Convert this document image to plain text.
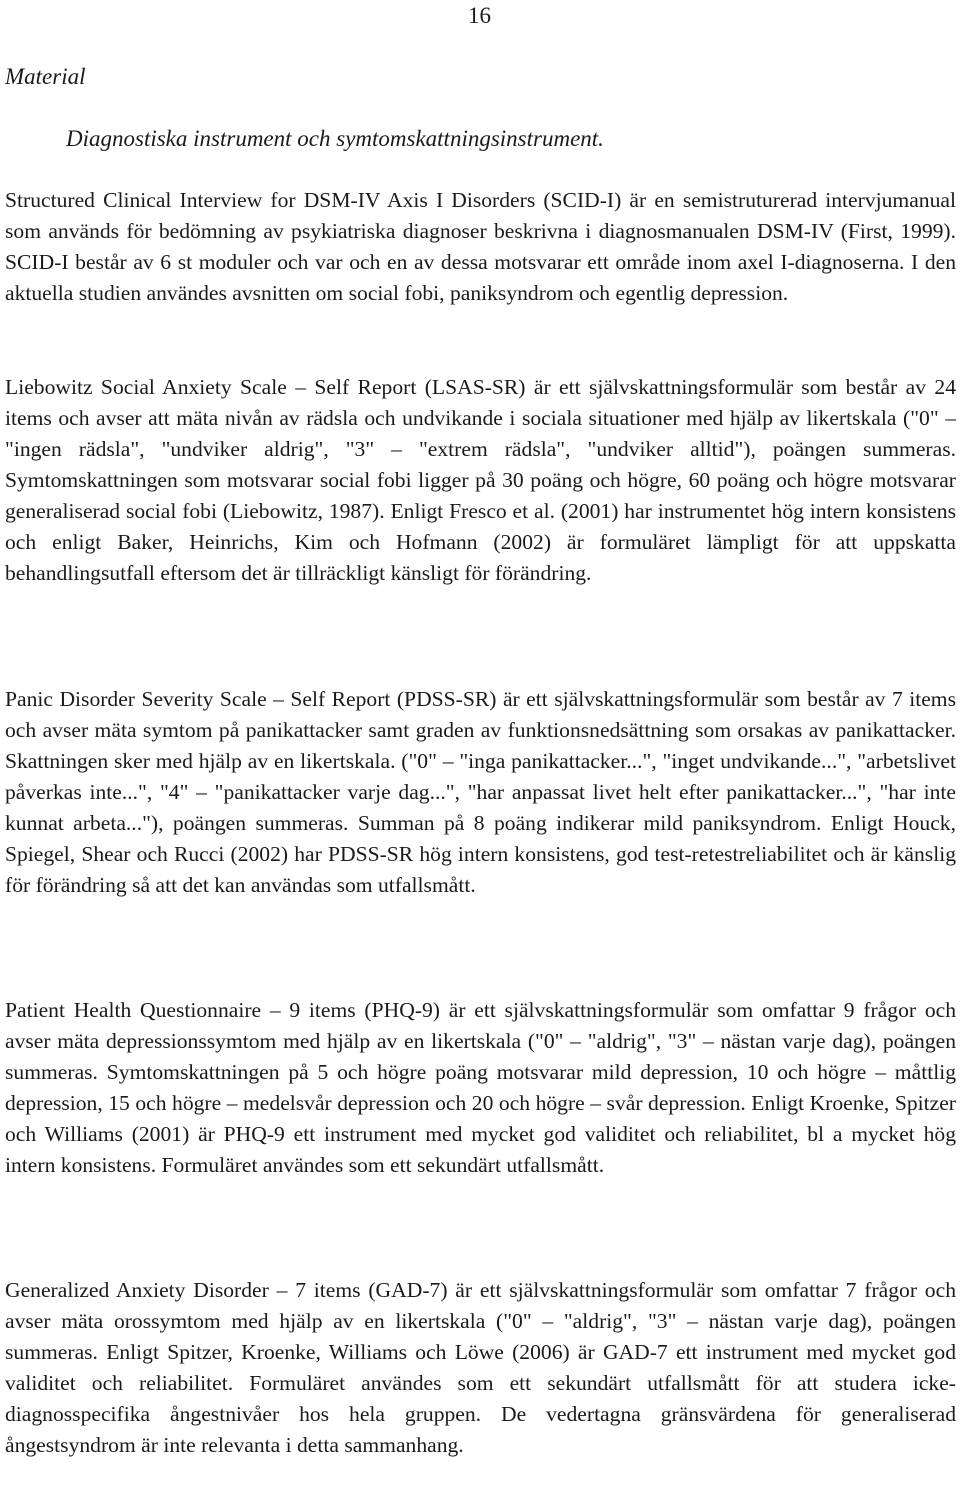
16
Material
Diagnostiska instrument och symtomskattningsinstrument.

Structured Clinical Interview for DSM-IV Axis I Disorders (SCID-I) är en semistruturerad intervjumanual som används för bedömning av psykiatriska diagnoser beskrivna i diagnosmanualen DSM-IV (First, 1999). SCID-I består av 6 st moduler och var och en av dessa motsvarar ett område inom axel I-diagnoserna. I den aktuella studien användes avsnitten om social fobi, paniksyndrom och egentlig depression.

Liebowitz Social Anxiety Scale – Self Report (LSAS-SR) är ett självskattningsformulär som består av 24 items och avser att mäta nivån av rädsla och undvikande i sociala situationer med hjälp av likertskala ("0" – "ingen rädsla", "undviker aldrig", "3" – "extrem rädsla", "undviker alltid"), poängen summeras. Symtomskattningen som motsvarar social fobi ligger på 30 poäng och högre, 60 poäng och högre motsvarar generaliserad social fobi (Liebowitz, 1987). Enligt Fresco et al. (2001) har instrumentet hög intern konsistens och enligt Baker, Heinrichs, Kim och Hofmann (2002) är formuläret lämpligt för att uppskatta behandlingsutfall eftersom det är tillräckligt känsligt för förändring.

Panic Disorder Severity Scale – Self Report (PDSS-SR) är ett självskattningsformulär som består av 7 items och avser mäta symtom på panikattacker samt graden av funktionsnedsättning som orsakas av panikattacker. Skattningen sker med hjälp av en likertskala. ("0" – "inga panikattacker...", "inget undvikande...", "arbetslivet påverkas inte...", "4" – "panikattacker varje dag...", "har anpassat livet helt efter panikattacker...", "har inte kunnat arbeta..."), poängen summeras. Summan på 8 poäng indikerar mild paniksyndrom. Enligt Houck, Spiegel, Shear och Rucci (2002) har PDSS-SR hög intern konsistens, god test-retestreliabilitet och är känslig för förändring så att det kan användas som utfallsmått.

Patient Health Questionnaire – 9 items (PHQ-9) är ett självskattningsformulär som omfattar 9 frågor och avser mäta depressionssymtom med hjälp av en likertskala ("0" – "aldrig", "3" – nästan varje dag), poängen summeras. Symtomskattningen på 5 och högre poäng motsvarar mild depression, 10 och högre – måttlig depression, 15 och högre – medelsvår depression och 20 och högre – svår depression. Enligt Kroenke, Spitzer och Williams (2001) är PHQ-9 ett instrument med mycket god validitet och reliabilitet, bl a mycket hög intern konsistens. Formuläret användes som ett sekundärt utfallsmått.

Generalized Anxiety Disorder – 7 items (GAD-7) är ett självskattningsformulär som omfattar 7 frågor och avser mäta orossymtom med hjälp av en likertskala ("0" – "aldrig", "3" – nästan varje dag), poängen summeras. Enligt Spitzer, Kroenke, Williams och Löwe (2006) är GAD-7 ett instrument med mycket god validitet och reliabilitet. Formuläret användes som ett sekundärt utfallsmått för att studera icke-diagnosspecifika ångestnivåer hos hela gruppen. De vedertagna gränsvärdena för generaliserad ångestsyndrom är inte relevanta i detta sammanhang.
